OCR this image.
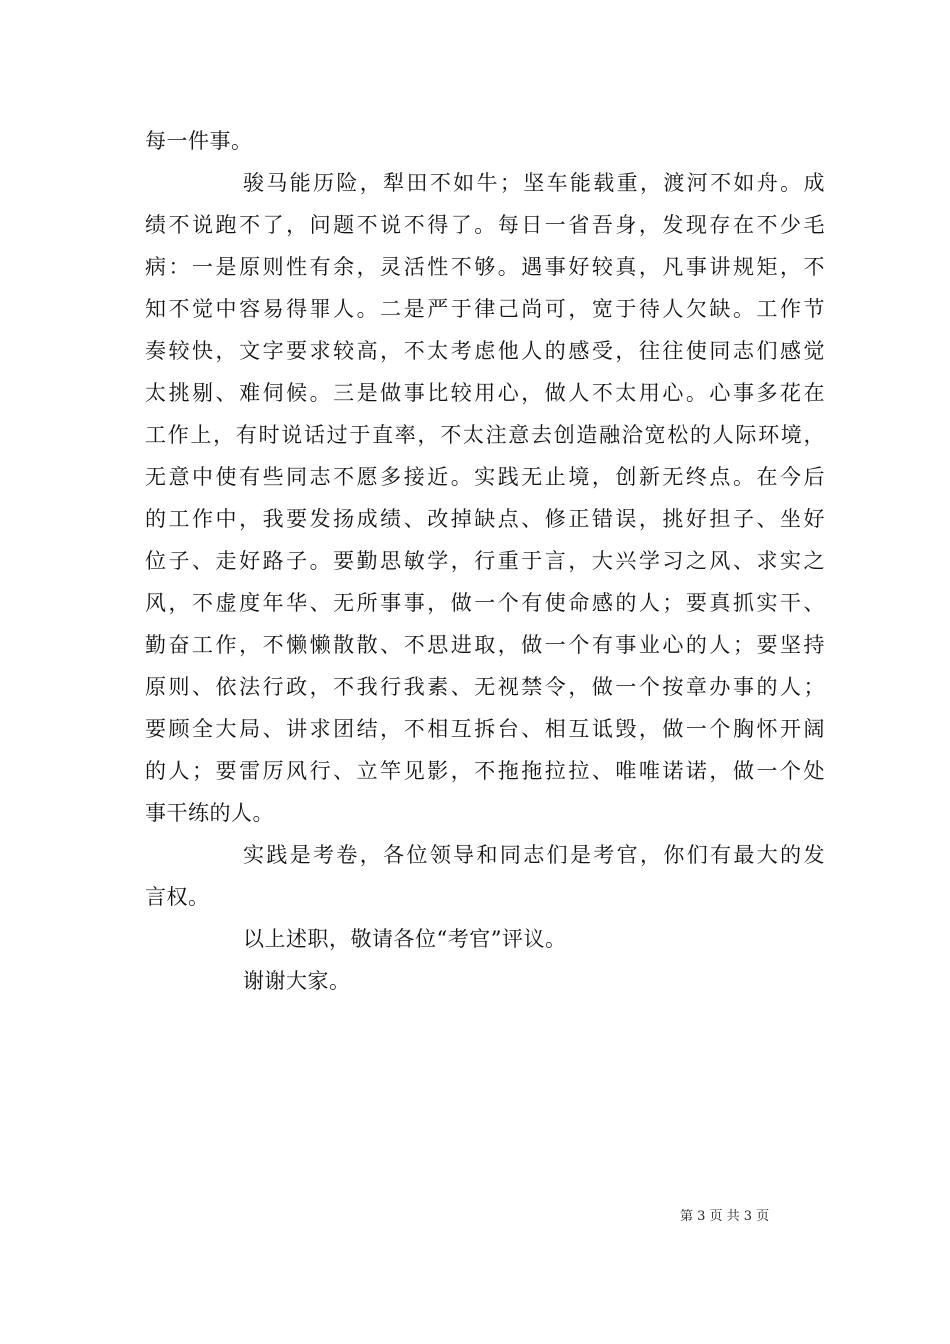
每一件事。
骏马能历险，犁田不如牛；坚车能载重，渡河不如舟。成
绩不说跑不了，问题不说不得了。每日一省吾身，发现存在不少毛
病：一是原则性有余，灵活性不够。遇事好较真，凡事讲规矩，不
知不觉中容易得罪人。二是严于律己尚可，宽于待人欠缺。工作节
奏较快，文字要求较高，不太考虑他人的感受，往往使同志们感觉
太挑剔、难伺候。三是做事比较用心，做人不太用心。心事多花在
工作上，有时说话过于直率，不太注意去创造融洽宽松的人际环境，
无意中使有些同志不愿多接近。实践无止境，创新无终点。在今后
的工作中，我要发扬成绩、改掉缺点、修正错误，挑好担子、坐好
位子、走好路子。要勤思敏学，行重于言，大兴学习之风、求实之
风，不虚度年华、无所事事，做一个有使命感的人；要真抓实干、
勤奋工作，不懒懒散散、不思进取，做一个有事业心的人；要坚持
原则、依法行政，不我行我素、无视禁令，做一个按章办事的人；
要顾全大局、讲求团结，不相互拆台、相互诋毁，做一个胸怀开阔
的人；要雷厉风行、立竿见影，不拖拖拉拉、唯唯诺诺，做一个处
事干练的人。
实践是考卷，各位领导和同志们是考官，你们有最大的发
言权。
以上述职，敬请各位“考官”评议。
谢谢大家。
第 3 页 共 3 页
